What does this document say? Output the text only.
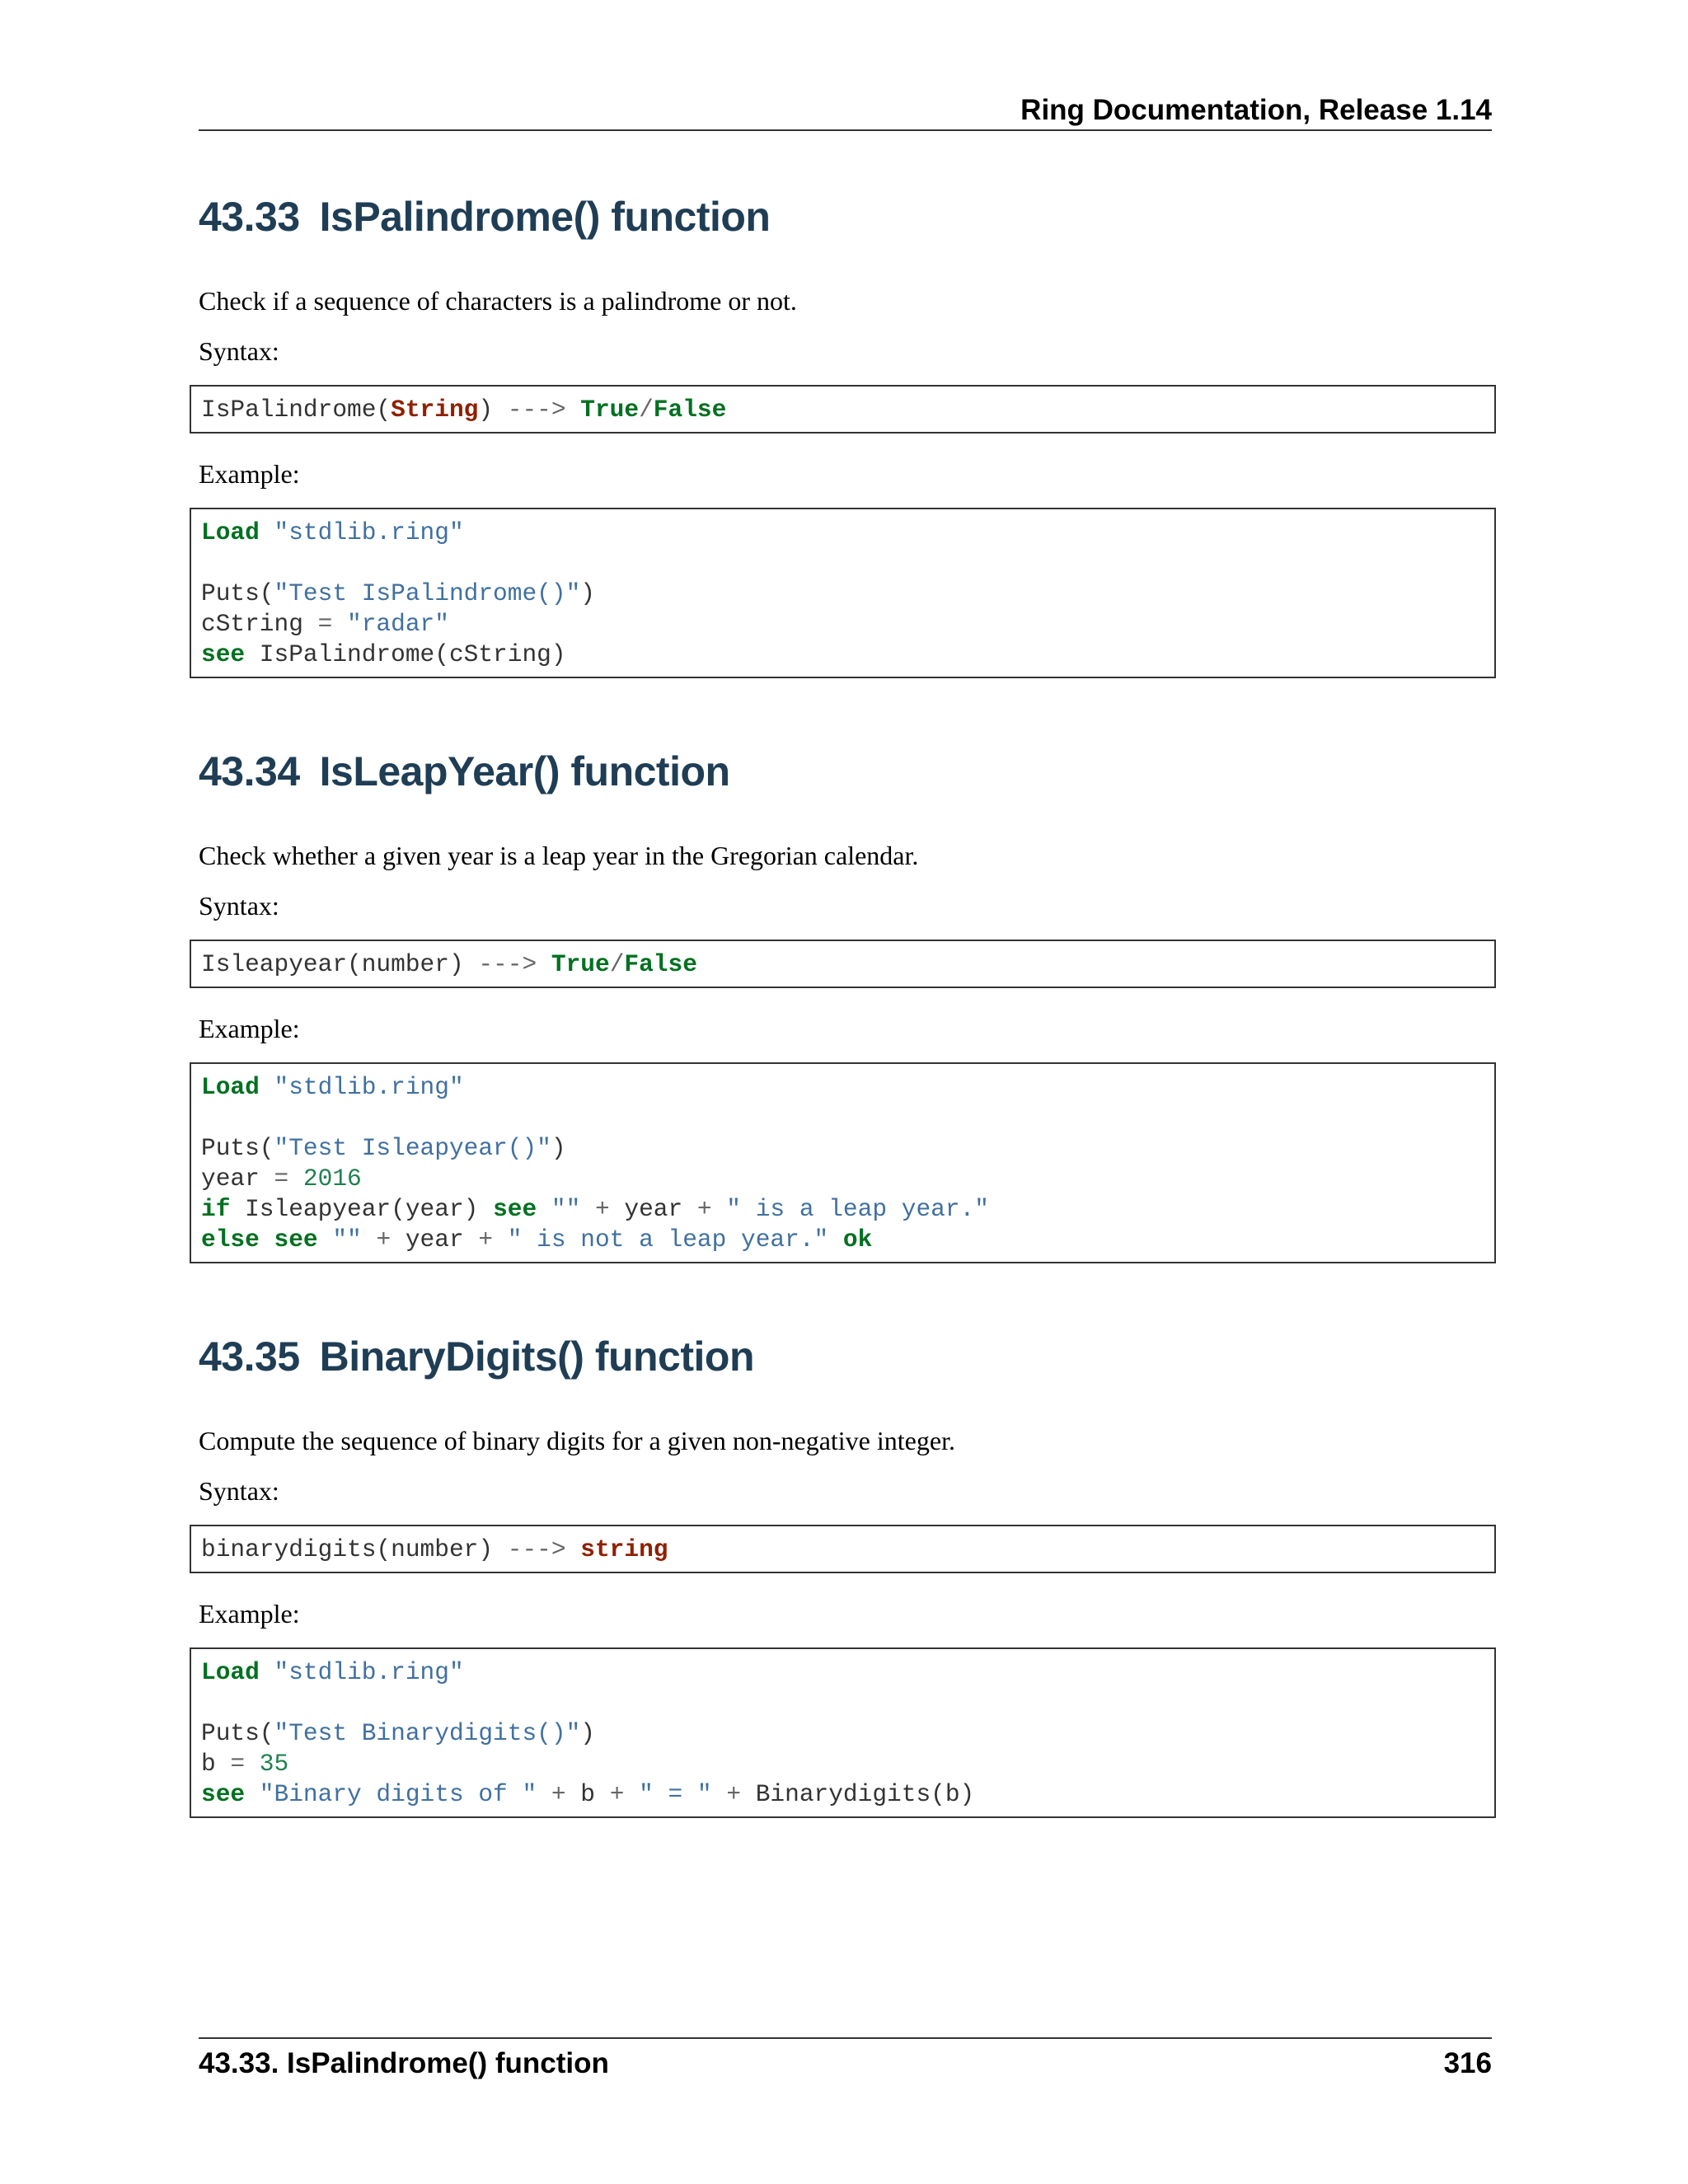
Ring Documentation, Release 1.14
43.33 IsPalindrome() function

Check if a sequence of characters is a palindrome or not.

Syntax:

IsPalindrome(String) ---> True/False

Example:

Load "stdlib.ring"
Puts("Test IsPalindrome()")
cString = "radar"
see IsPalindrome(cString)
43.34 IsLeapYear() function

Check whether a given year is a leap year in the Gregorian calendar.

Syntax:

Isleapyear(number) ---> True/False

Example:

Load "stdlib.ring"
Puts("Test Isleapyear()")
year = 2016
if Isleapyear(year) see "" + year + " is a leap year."
else see "" + year + " is not a leap year." ok
43.35 BinaryDigits() function

Compute the sequence of binary digits for a given non-negative integer.

Syntax:

binarydigits(number) ---> string

Example:

Load "stdlib.ring"
Puts("Test Binarydigits()")
b = 35
see "Binary digits of " + b + " = " + Binarydigits(b)
43.33. IsPalindrome() function	316
